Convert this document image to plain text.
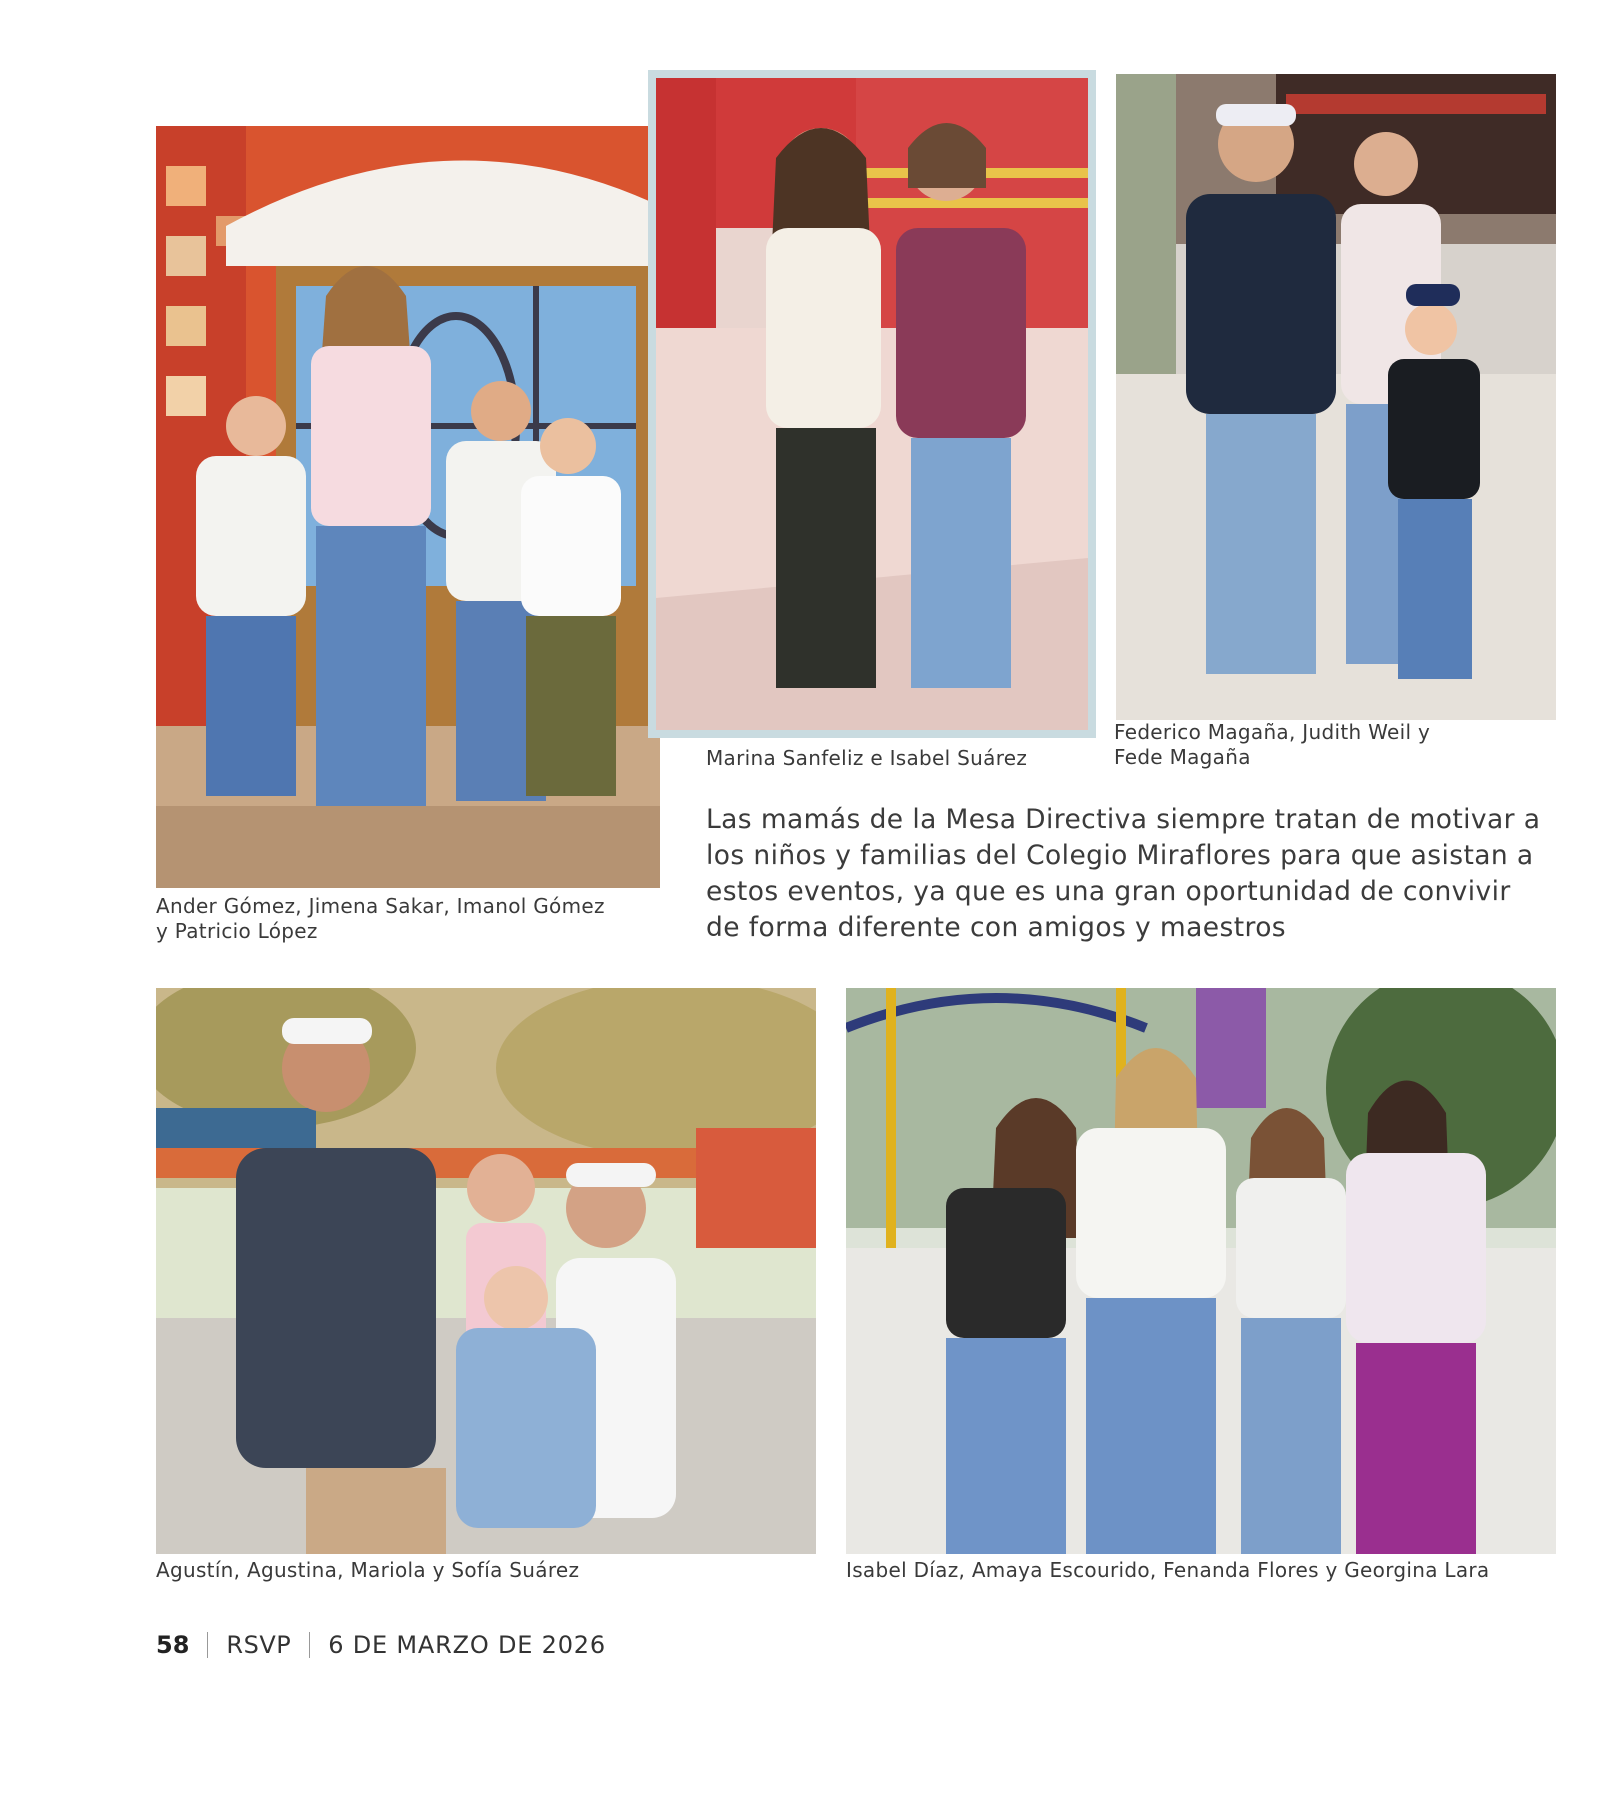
Ander Gómez, Jimena Sakar, Imanol Gómez
y Patricio López
Marina Sanfeliz e Isabel Suárez
Federico Magaña, Judith Weil y
Fede Magaña

Las mamás de la Mesa Directiva siempre tratan de motivar a los niños y familias del Colegio Miraflores para que asistan a estos eventos, ya que es una gran oportunidad de convivir de forma diferente con amigos y maestros

Agustín, Agustina, Mariola y Sofía Suárez	Isabel Díaz, Amaya Escourido, Fenanda Flores y Georgina Lara
58 RSVP 6 DE MARZO DE 2026
